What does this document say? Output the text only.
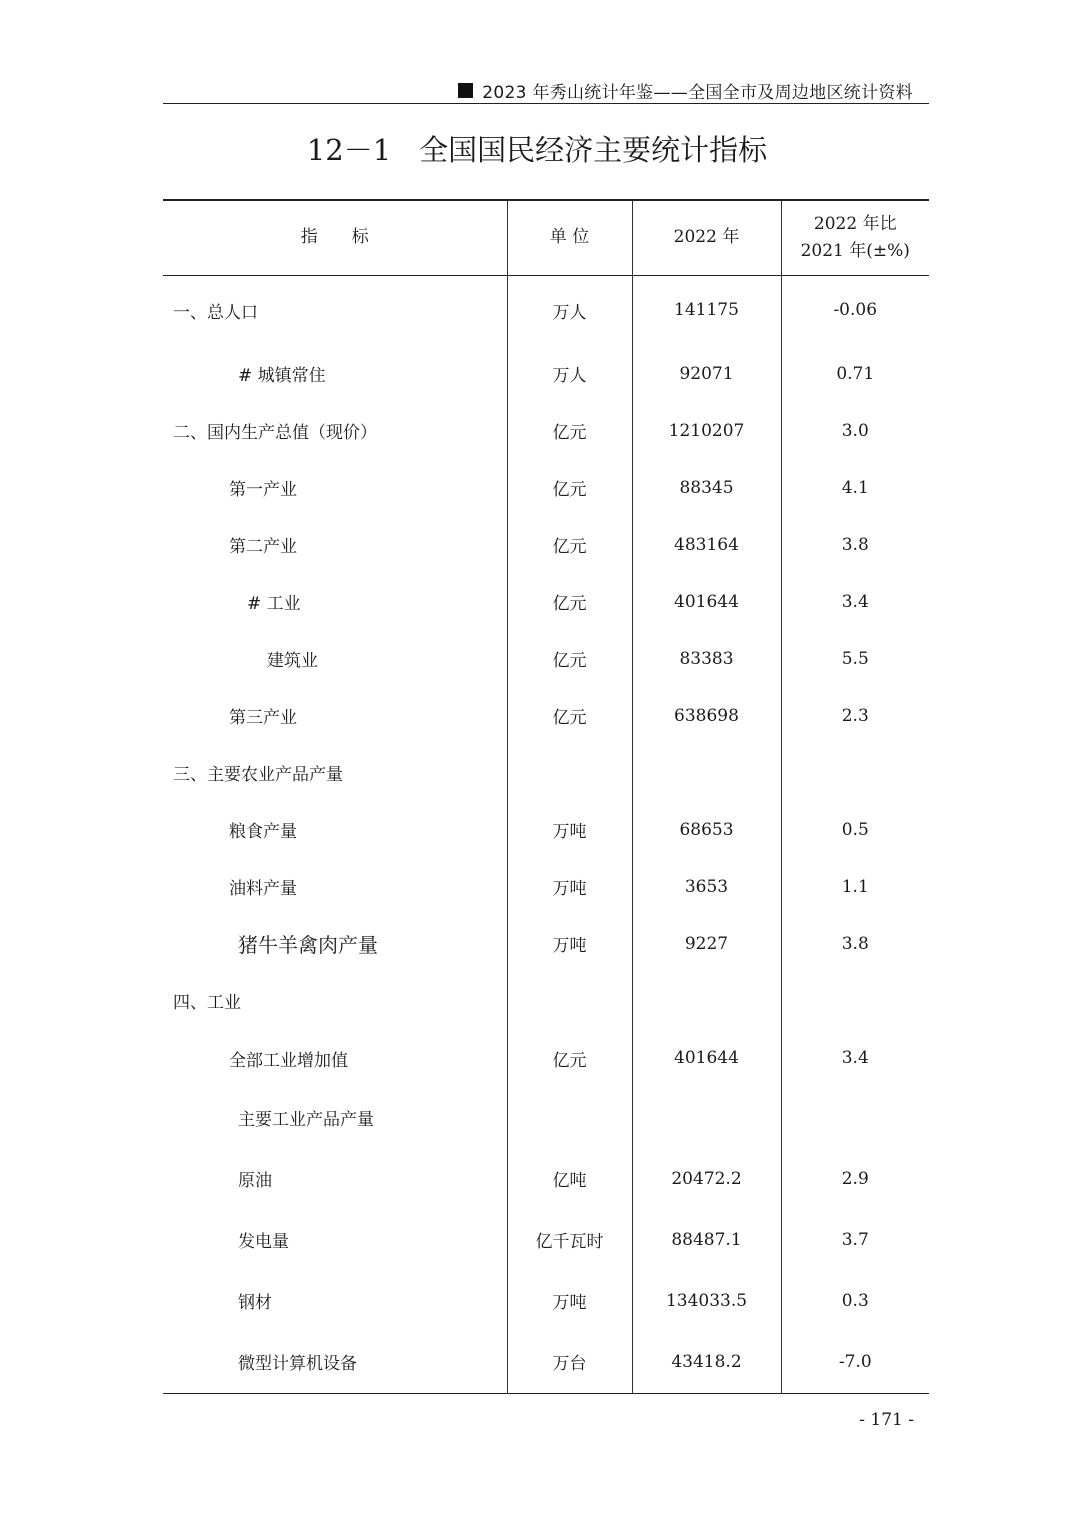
2023 年秀山统计年鉴——全国全市及周边地区统计资料
12－1 全国国民经济主要统计指标
指　　标	单 位	2022 年	2022 年比
2021 年(±%)

一、总人口	万人	141175	-0.06
# 城镇常住	万人	92071	0.71
二、国内生产总值（现价）	亿元	1210207	3.0
第一产业	亿元	88345	4.1
第二产业	亿元	483164	3.8
# 工业	亿元	401644	3.4
建筑业	亿元	83383	5.5
第三产业	亿元	638698	2.3
三、主要农业产品产量			
粮食产量	万吨	68653	0.5
油料产量	万吨	3653	1.1
猪牛羊禽肉产量	万吨	9227	3.8
四、工业			
全部工业增加值	亿元	401644	3.4
主要工业产品产量			
原油	亿吨	20472.2	2.9
发电量	亿千瓦时	88487.1	3.7
钢材	万吨	134033.5	0.3
微型计算机设备	万台	43418.2	-7.0
- 171 -
